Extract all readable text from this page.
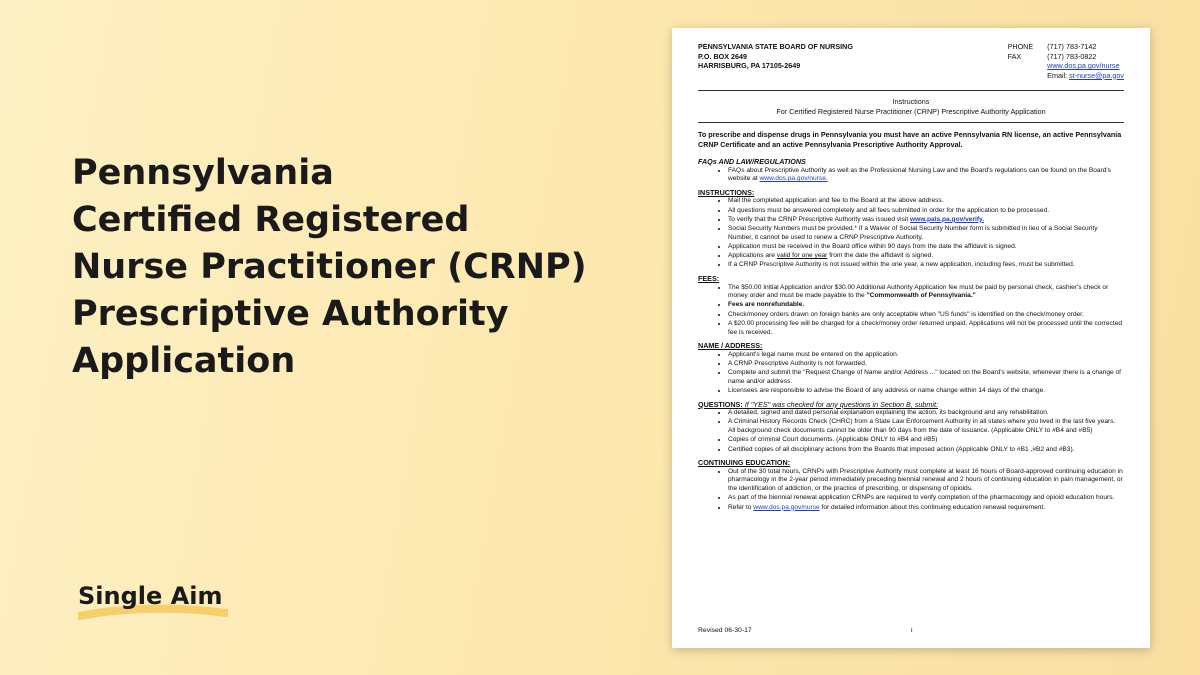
Pennsylvania
Certified Registered
Nurse Practitioner (CRNP)
Prescriptive Authority
Application
Single Aim
PENNSYLVANIA STATE BOARD OF NURSING
P.O. BOX 2649
HARRISBURG, PA 17105-2649
PHONE	(717) 783-7142
FAX	(717) 783-0822
	www.dos.pa.gov/nurse
	Email: st-nurse@pa.gov
Instructions
For Certified Registered Nurse Practitioner (CRNP) Prescriptive Authority Application
To prescribe and dispense drugs in Pennsylvania you must have an active Pennsylvania RN license, an active Pennsylvania CRNP Certificate and an active Pennsylvania Prescriptive Authority Approval.
FAQs AND LAW/REGULATIONS
• FAQs about Prescriptive Authority as well as the Professional Nursing Law and the Board's regulations can be found on the Board's website at www.dos.pa.gov/nurse.
INSTRUCTIONS:
• Mail the completed application and fee to the Board at the above address.
• All questions must be answered completely and all fees submitted in order for the application to be processed.
• To verify that the CRNP Prescriptive Authority was issued visit www.pals.pa.gov/verify.
• Social Security Numbers must be provided.* If a Waiver of Social Security Number form is submitted in lieu of a Social Security Number, it cannot be used to renew a CRNP Prescriptive Authority.
• Application must be received in the Board office within 90 days from the date the affidavit is signed.
• Applications are valid for one year from the date the affidavit is signed.
• If a CRNP Prescriptive Authority is not issued within the one year, a new application, including fees, must be submitted.
FEES:
• The $50.00 Initial Application and/or $30.00 Additional Authority Application fee must be paid by personal check, cashier's check or money order and must be made payable to the "Commonwealth of Pennsylvania."
• Fees are nonrefundable.
• Check/money orders drawn on foreign banks are only acceptable when "US funds" is identified on the check/money order.
• A $20.00 processing fee will be charged for a check/money order returned unpaid. Applications will not be processed until the corrected fee is received.
NAME / ADDRESS:
• Applicant's legal name must be entered on the application.
• A CRNP Prescriptive Authority is not forwarded.
• Complete and submit the "Request Change of Name and/or Address ..." located on the Board's website, whenever there is a change of name and/or address.
• Licensees are responsible to advise the Board of any address or name change within 14 days of the change.
QUESTIONS: If "YES" was checked for any questions in Section B, submit:
• A detailed, signed and dated personal explanation explaining the action, its background and any rehabilitation.
• A Criminal History Records Check (CHRC) from a State Law Enforcement Authority in all states where you lived in the last five years. All background check documents cannot be older than 90 days from the date of issuance. (Applicable ONLY to #B4 and #B5)
• Copies of criminal Court documents. (Applicable ONLY to #B4 and #B5)
• Certified copies of all disciplinary actions from the Boards that imposed action (Applicable ONLY to #B1 ,#B2 and #B3).
CONTINUING EDUCATION:
• Out of the 30 total hours, CRNPs with Prescriptive Authority must complete at least 16 hours of Board-approved continuing education in pharmacology in the 2-year period immediately preceding biennial renewal and 2 hours of continuing education in pain management, or the identification of addiction, or the practice of prescribing, or dispensing of opioids.
• As part of the biennial renewal application CRNPs are required to verify completion of the pharmacology and opioid education hours.
• Refer to www.dos.pa.gov/nurse for detailed information about this continuing education renewal requirement.
Revised 06-30-17	i
